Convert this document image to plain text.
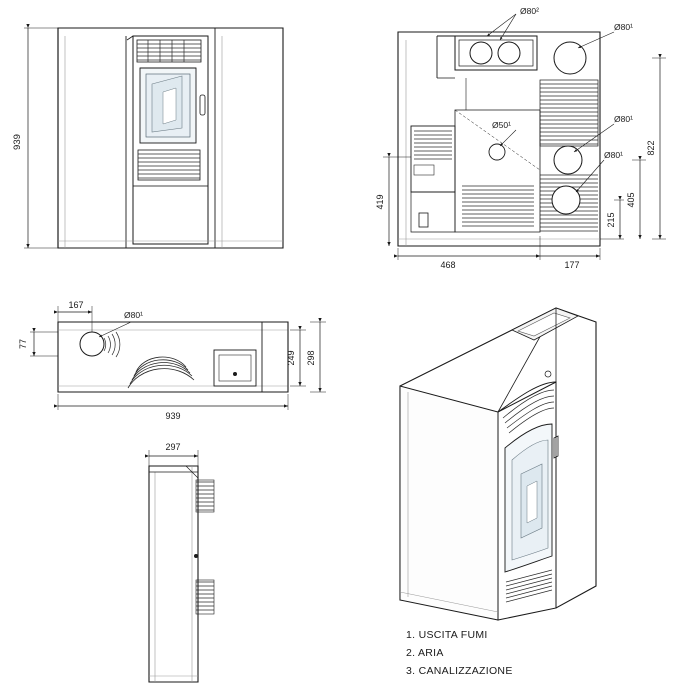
939
Ø80²
Ø80¹
Ø50¹
Ø80¹
Ø80¹
468	177
419
215
405
822
167
Ø80¹
77
939
249 298
297
1. USCITA FUMI
2. ARIA
3. CANALIZZAZIONE
